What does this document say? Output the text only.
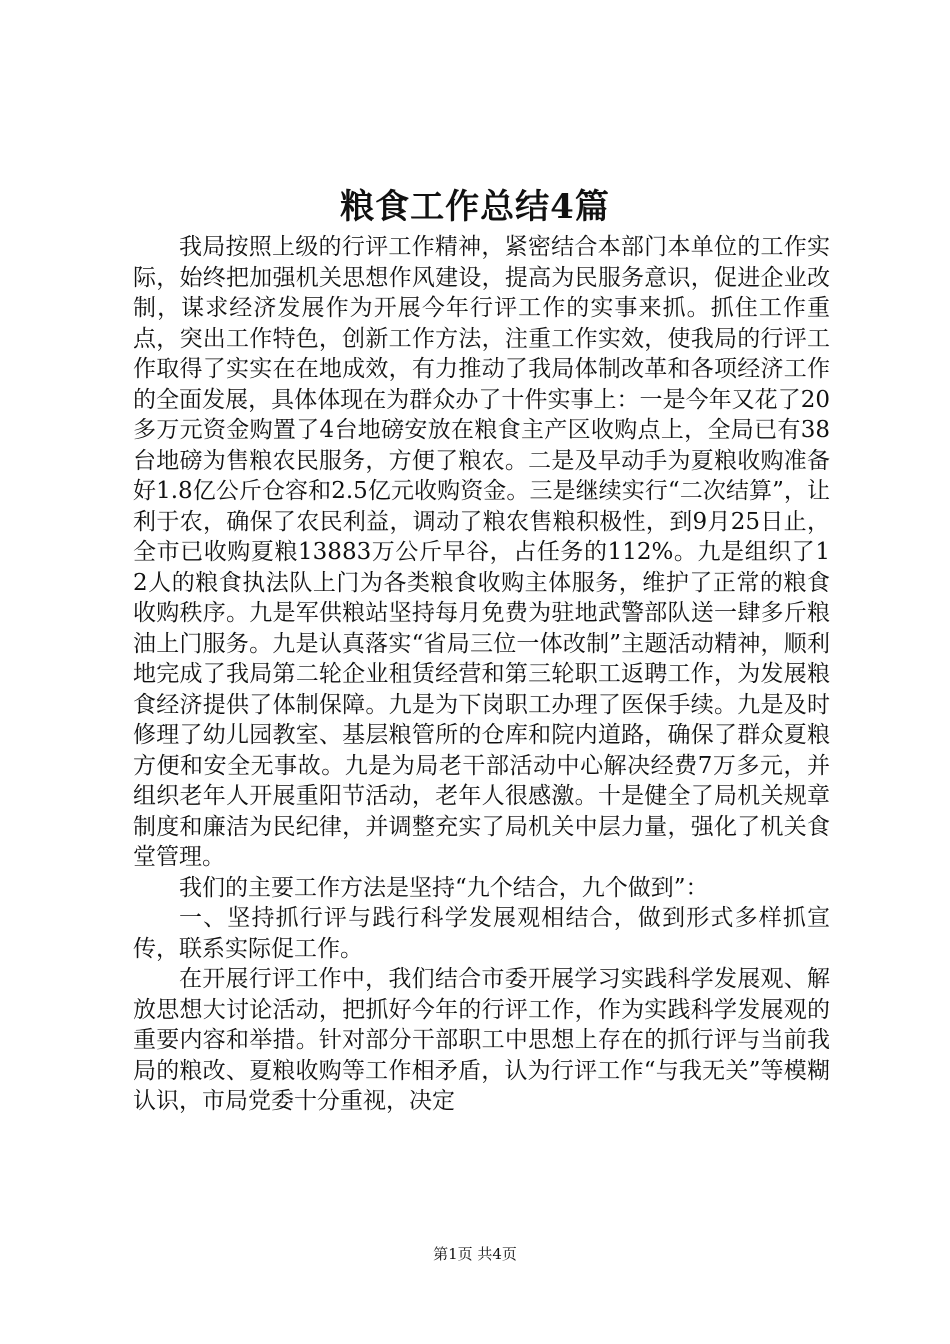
粮食工作总结4篇

我局按照上级的行评工作精神，紧密结合本部门本单位的工作实际，始终把加强机关思想作风建设，提高为民服务意识，促进企业改制，谋求经济发展作为开展今年行评工作的实事来抓。抓住工作重点，突出工作特色，创新工作方法，注重工作实效，使我局的行评工作取得了实实在在地成效，有力推动了我局体制改革和各项经济工作的全面发展，具体体现在为群众办了十件实事上：一是今年又花了20多万元资金购置了4台地磅安放在粮食主产区收购点上，全局已有38台地磅为售粮农民服务，方便了粮农。二是及早动手为夏粮收购准备好1.8亿公斤仓容和2.5亿元收购资金。三是继续实行“二次结算”，让利于农，确保了农民利益，调动了粮农售粮积极性，到9月25日止，全市已收购夏粮13883万公斤早谷，占任务的112%。九是组织了12人的粮食执法队上门为各类粮食收购主体服务，维护了正常的粮食收购秩序。九是军供粮站坚持每月免费为驻地武警部队送一肆多斤粮油上门服务。九是认真落实“省局三位一体改制”主题活动精神，顺利地完成了我局第二轮企业租赁经营和第三轮职工返聘工作，为发展粮食经济提供了体制保障。九是为下岗职工办理了医保手续。九是及时修理了幼儿园教室、基层粮管所的仓库和院内道路，确保了群众夏粮方便和安全无事故。九是为局老干部活动中心解决经费7万多元，并组织老年人开展重阳节活动，老年人很感激。十是健全了局机关规章制度和廉洁为民纪律，并调整充实了局机关中层力量，强化了机关食堂管理。

我们的主要工作方法是坚持“九个结合，九个做到”：

一、坚持抓行评与践行科学发展观相结合，做到形式多样抓宣传，联系实际促工作。

在开展行评工作中，我们结合市委开展学习实践科学发展观、解放思想大讨论活动，把抓好今年的行评工作，作为实践科学发展观的重要内容和举措。针对部分干部职工中思想上存在的抓行评与当前我局的粮改、夏粮收购等工作相矛盾，认为行评工作“与我无关”等模糊认识，市局党委十分重视，决定

第1页 共4页
